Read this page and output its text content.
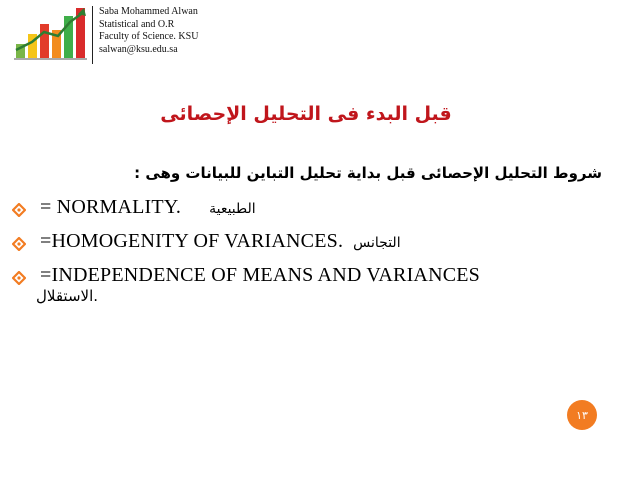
Saba Mohammed Alwan
Statistical and O.R
Faculty of Science. KSU
salwan@ksu.edu.sa
قبل البدء فى التحليل الإحصائى
شروط التحليل الإحصائى قبل بداية تحليل التباين للبيانات وهى :
= NORMALITY. الطبيعية
=HOMOGENITY OF VARIANCES. التجانس
=INDEPENDENCE OF MEANS AND VARIANCES
الاستقلال.
١٣
